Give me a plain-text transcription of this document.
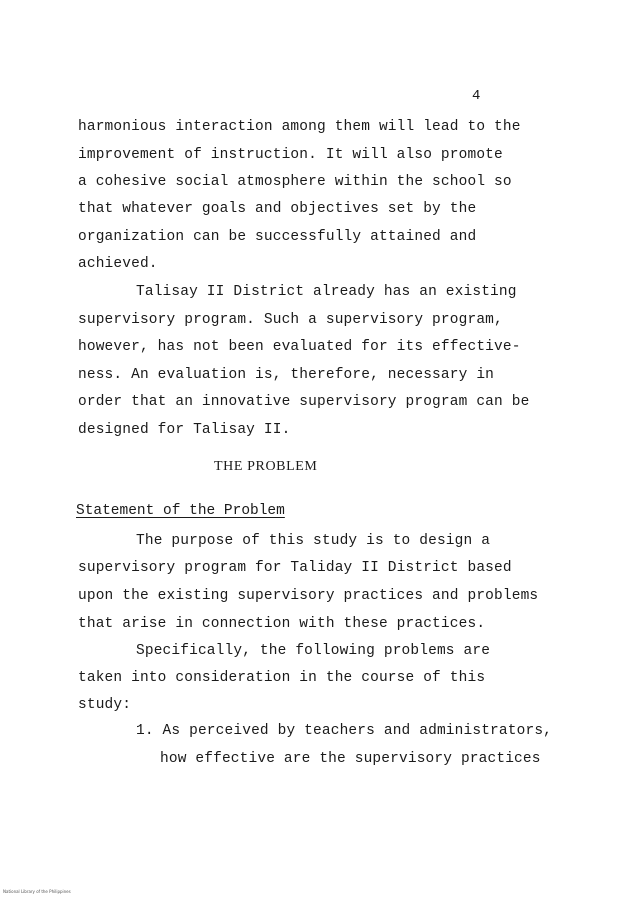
4
harmonious interaction among them will lead to the
improvement of instruction. It will also promote
a cohesive social atmosphere within the school so
that whatever goals and objectives set by the
organization can be successfully attained and
achieved.
Talisay II District already has an existing
supervisory program. Such a supervisory program,
however, has not been evaluated for its effective-
ness. An evaluation is, therefore, necessary in
order that an innovative supervisory program can be
designed for Talisay II.
THE PROBLEM
Statement of the Problem
The purpose of this study is to design a
supervisory program for Taliday II District based
upon the existing supervisory practices and problems
that arise in connection with these practices.
Specifically, the following problems are
taken into consideration in the course of this
study:
1. As perceived by teachers and administrators,
how effective are the supervisory practices
National Library of the Philippines
